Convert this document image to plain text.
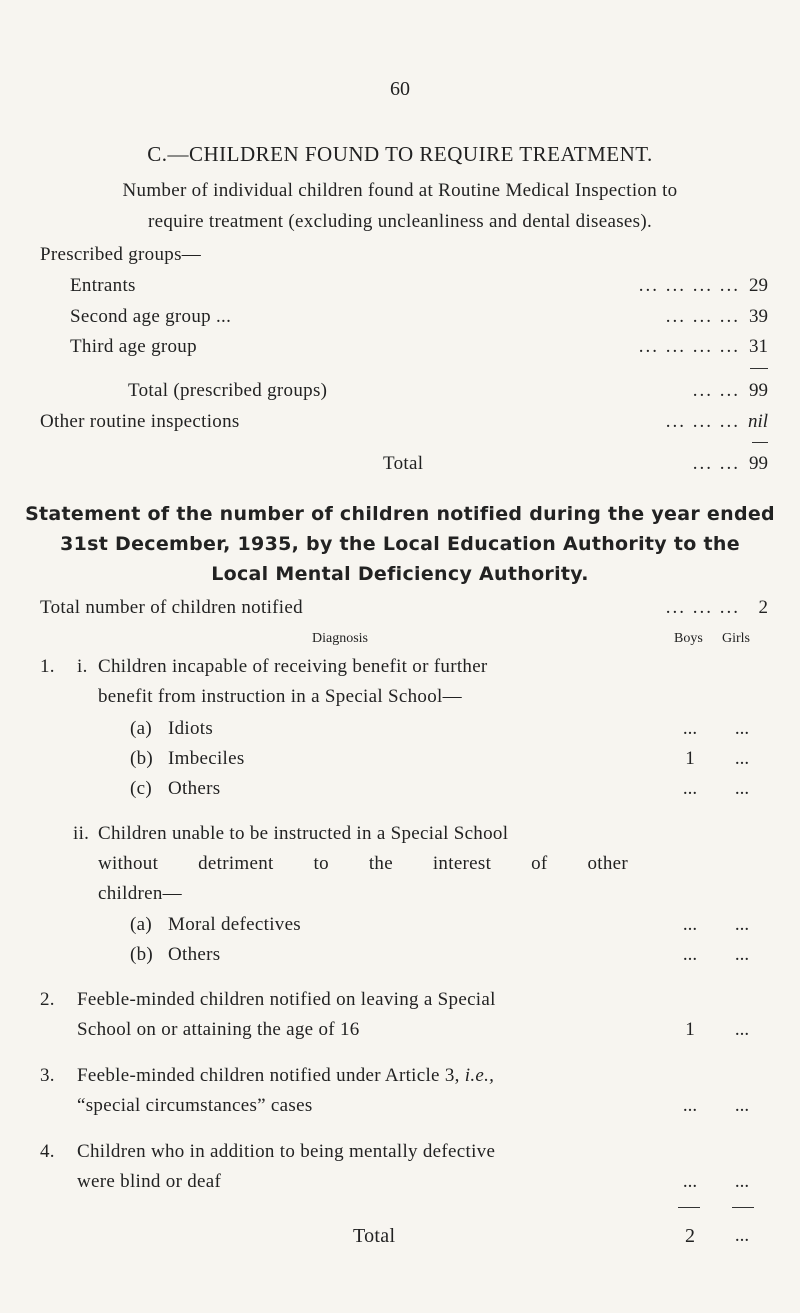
60
C.—CHILDREN FOUND TO REQUIRE TREATMENT.
Number of individual children found at Routine Medical Inspection to
require treatment (excluding uncleanliness and dental diseases).
Prescribed groups—
Entrants	... ... ... ... 29
Second age group ...	... ... ... 39
Third age group	... ... ... ... 31
Total (prescribed groups)	... ... 99
Other routine inspections	... ... ... nil
Total	... ... 99
Statement of the number of children notified during the year ended
31st December, 1935, by the Local Education Authority to the
Local Mental Deficiency Authority.
Total number of children notified	... ... ... 2
Diagnosis	Boys Girls
1. i. Children incapable of receiving benefit or further
benefit from instruction in a Special School—
(a) Idiots	...	...
(b) Imbeciles	1	...
(c) Others	...	...
ii. Children unable to be instructed in a Special School
without detriment to the interest of other
children—
(a) Moral defectives	...	...
(b) Others	...	...
2. Feeble-minded children notified on leaving a Special
School on or attaining the age of 16	1	...
3. Feeble-minded children notified under Article 3, i.e.,
“special circumstances” cases	...	...
4. Children who in addition to being mentally defective
were blind or deaf	...	...
Total	2	...
